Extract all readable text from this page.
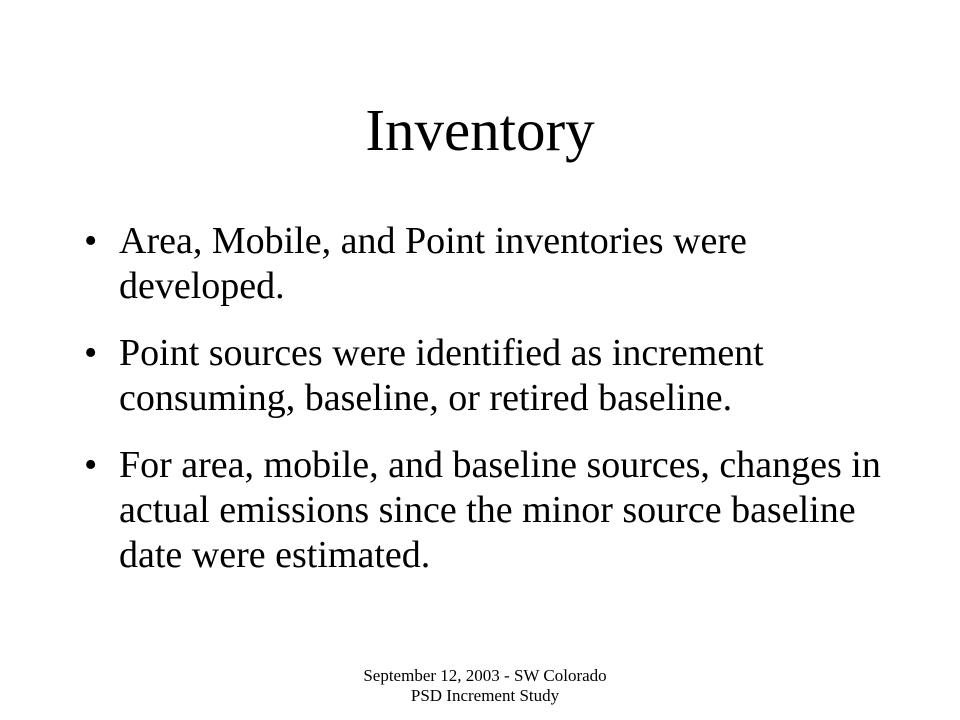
Inventory
• Area, Mobile, and Point inventories were developed.
• Point sources were identified as increment consuming, baseline, or retired baseline.
• For area, mobile, and baseline sources, changes in actual emissions since the minor source baseline date were estimated.
September 12, 2003 - SW Colorado
PSD Increment Study
